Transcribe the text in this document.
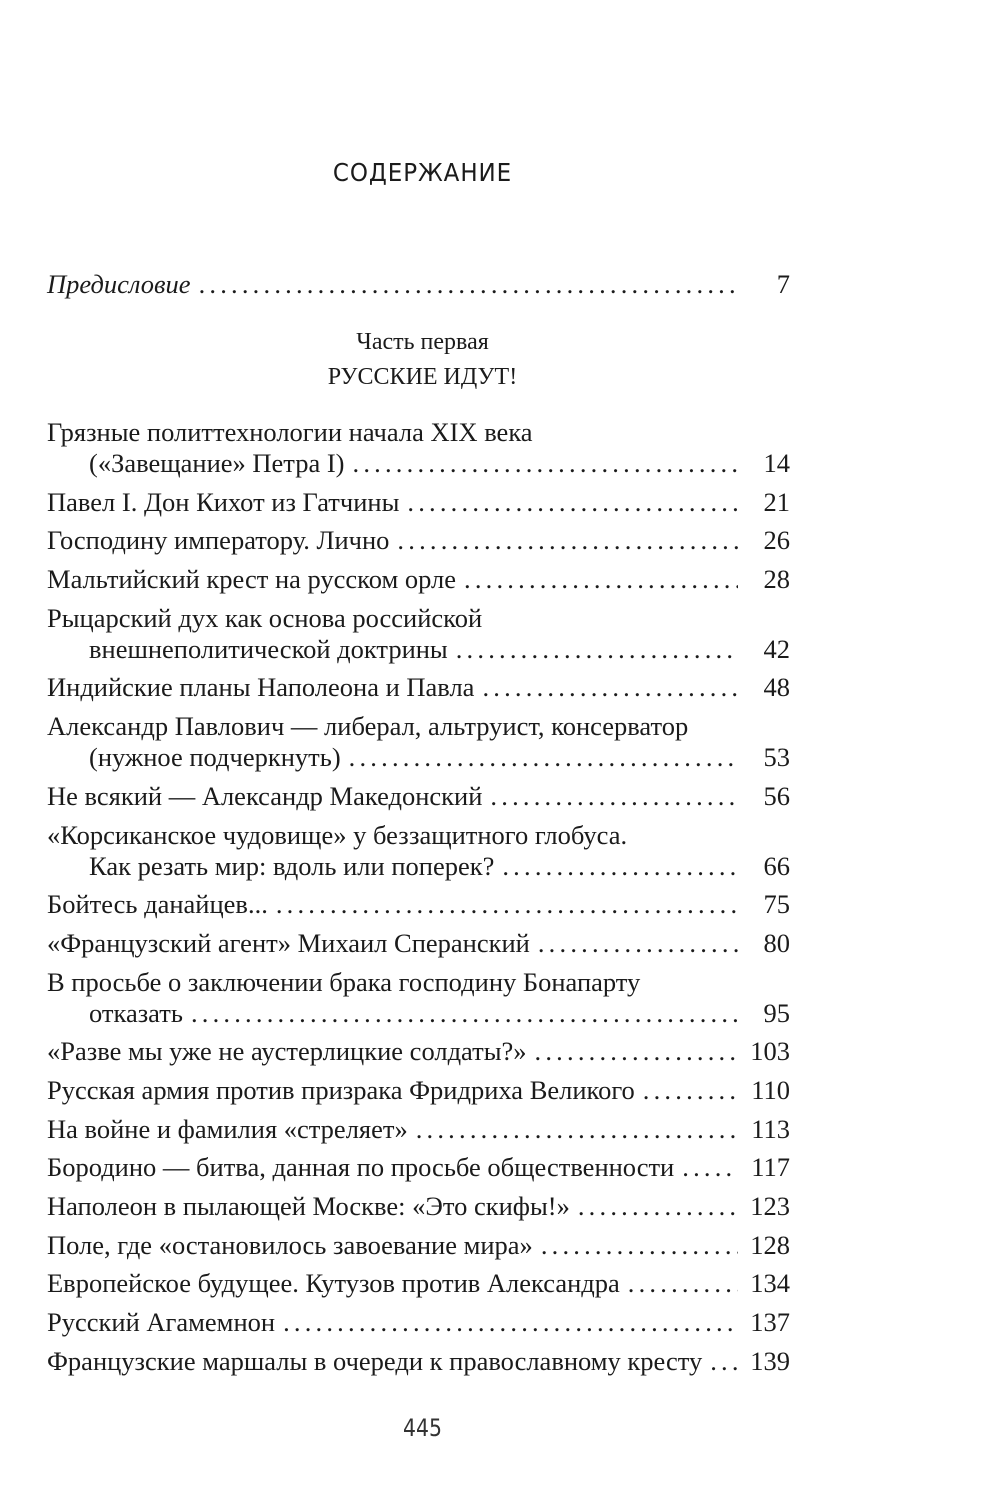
СОДЕРЖАНИЕ
Предисловие .....	7
Часть первая
РУССКИЕ ИДУТ!
Грязные политтехнологии начала XIX века
(«Завещание» Петра I) .....	14
Павел I. Дон Кихот из Гатчины .....	21
Господину императору. Лично .....	26
Мальтийский крест на русском орле .....	28
Рыцарский дух как основа российской
внешнеполитической доктрины .....	42
Индийские планы Наполеона и Павла .....	48
Александр Павлович — либерал, альтруист, консерватор
(нужное подчеркнуть) .....	53
Не всякий — Александр Македонский .....	56
«Корсиканское чудовище» у беззащитного глобуса.
Как резать мир: вдоль или поперек? .....	66
Бойтесь данайцев... .....	75
«Французский агент» Михаил Сперанский .....	80
В просьбе о заключении брака господину Бонапарту
отказать .....	95
«Разве мы уже не аустерлицкие солдаты?» .....	103
Русская армия против призрака Фридриха Великого .....	110
На войне и фамилия «стреляет» .....	113
Бородино — битва, данная по просьбе общественности .....	117
Наполеон в пылающей Москве: «Это скифы!» .....	123
Поле, где «остановилось завоевание мира» .....	128
Европейское будущее. Кутузов против Александра .....	134
Русский Агамемнон .....	137
Французские маршалы в очереди к православному кресту ..... 139
445
